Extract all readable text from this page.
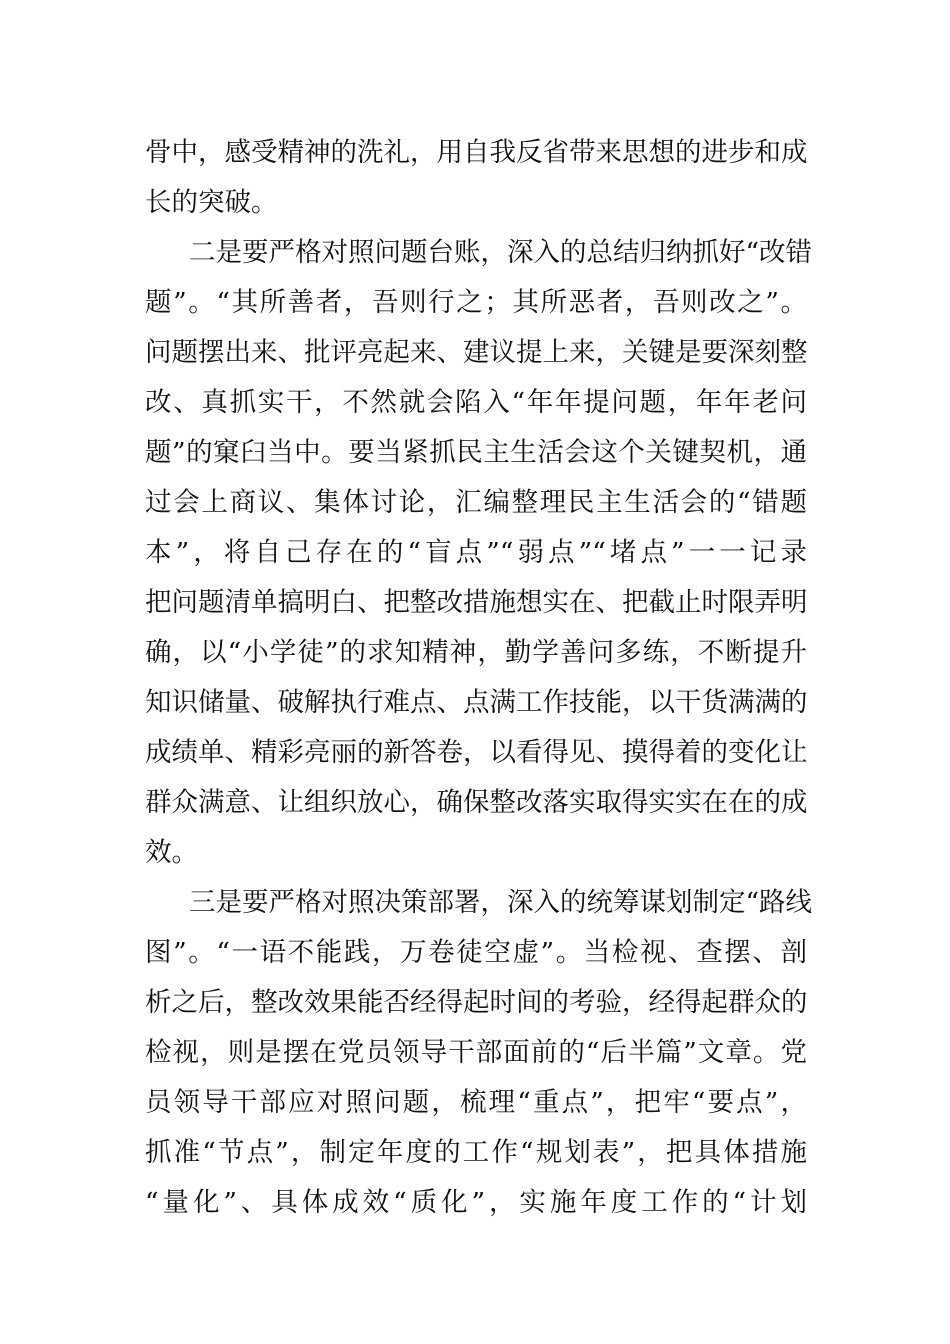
骨中，感受精神的洗礼，用自我反省带来思想的进步和成
长的突破。
二是要严格对照问题台账，深入的总结归纳抓好“改错
题”。“其所善者，吾则行之；其所恶者，吾则改之”。
问题摆出来、批评亮起来、建议提上来，关键是要深刻整
改、真抓实干，不然就会陷入“年年提问题，年年老问
题”的窠臼当中。要当紧抓民主生活会这个关键契机，通
过会上商议、集体讨论，汇编整理民主生活会的“错题
本”，将自己存在的“盲点”“弱点”“堵点”一一记录
把问题清单搞明白、把整改措施想实在、把截止时限弄明
确，以“小学徒”的求知精神，勤学善问多练，不断提升
知识储量、破解执行难点、点满工作技能，以干货满满的
成绩单、精彩亮丽的新答卷，以看得见、摸得着的变化让
群众满意、让组织放心，确保整改落实取得实实在在的成
效。
三是要严格对照决策部署，深入的统筹谋划制定“路线
图”。“一语不能践，万卷徒空虚”。当检视、查摆、剖
析之后，整改效果能否经得起时间的考验，经得起群众的
检视，则是摆在党员领导干部面前的“后半篇”文章。党
员领导干部应对照问题，梳理“重点”，把牢“要点”，
抓准“节点”，制定年度的工作“规划表”，把具体措施
“量化”、具体成效“质化”，实施年度工作的“计划
